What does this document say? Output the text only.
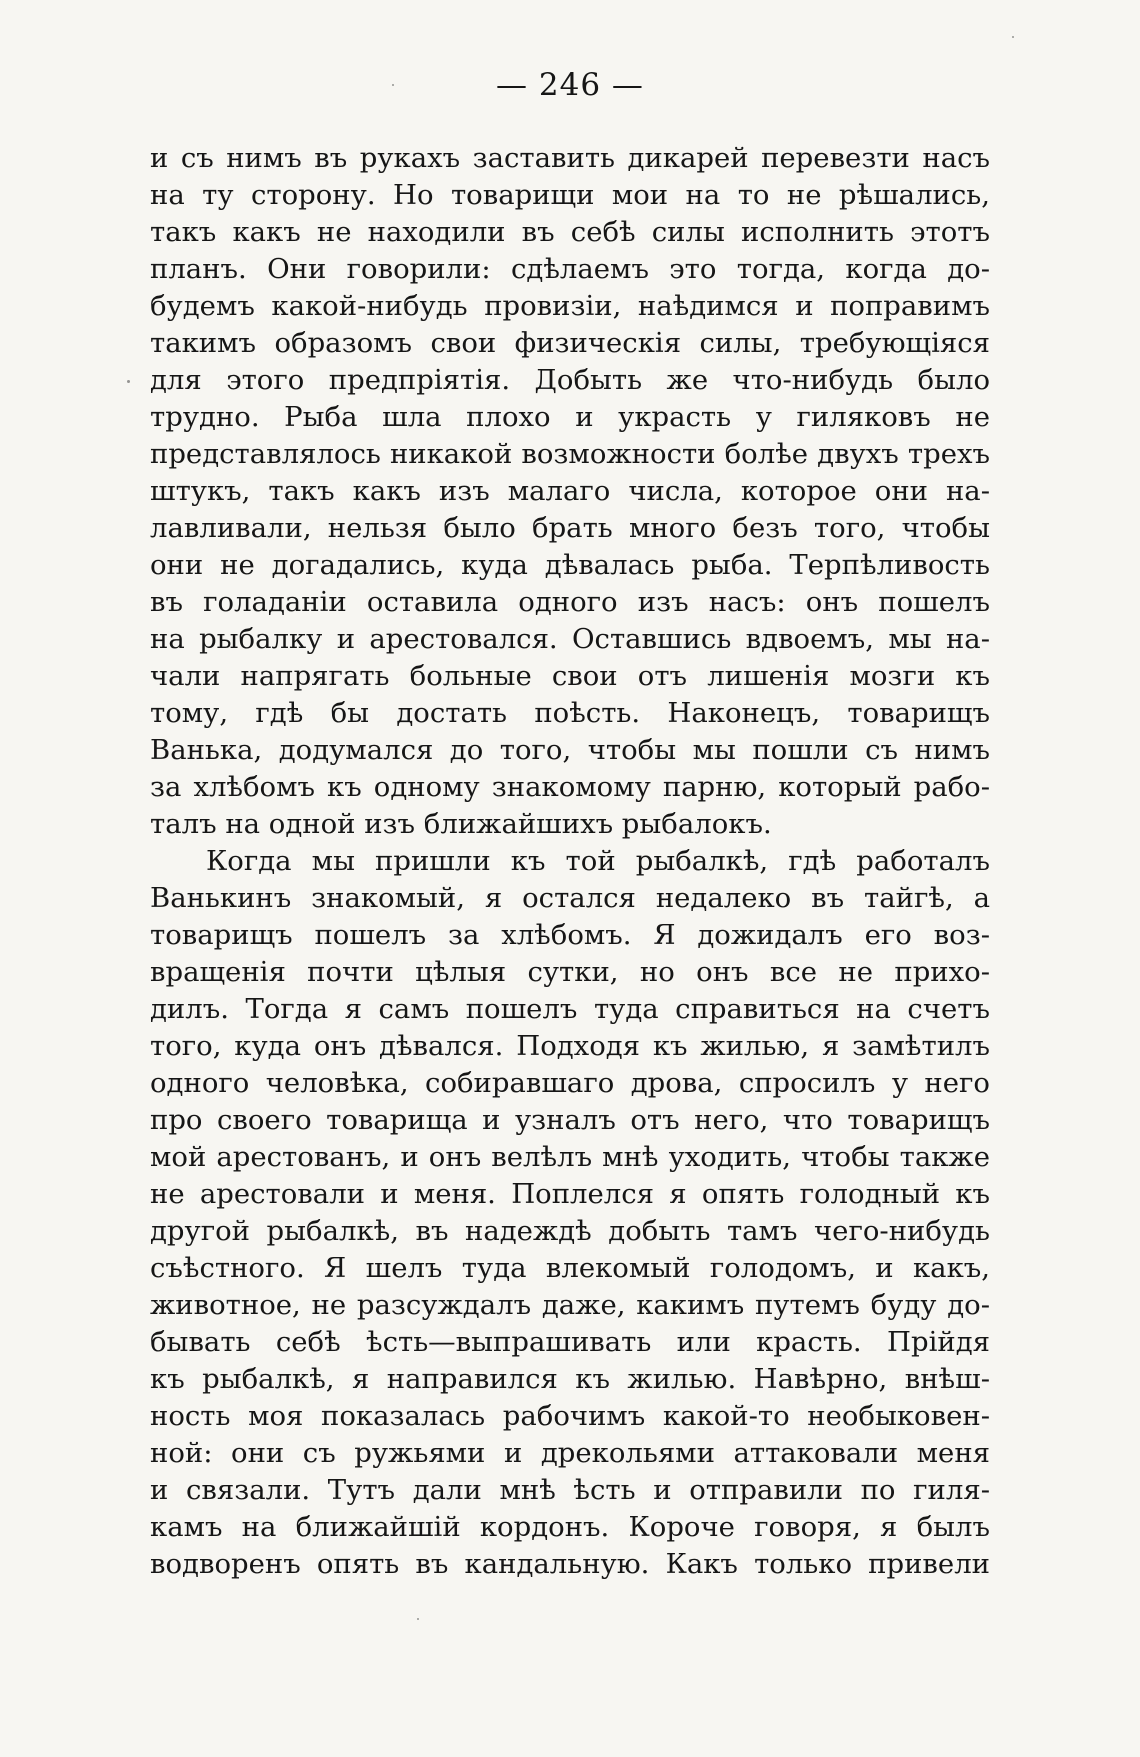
— 246 —
и съ нимъ въ рукахъ заставить дикарей перевезти насъ
на ту сторону. Но товарищи мои на то не рѣшались,
такъ какъ не находили въ себѣ силы исполнить этотъ
планъ. Они говорили: сдѣлаемъ это тогда, когда до-
будемъ какой-нибудь провизіи, наѣдимся и поправимъ
такимъ образомъ свои физическія силы, требующіяся
для этого предпріятія. Добыть же что-нибудь было
трудно. Рыба шла плохо и украсть у гиляковъ не
представлялось никакой возможности болѣе двухъ трехъ
штукъ, такъ какъ изъ малаго числа, которое они на-
лавливали, нельзя было брать много безъ того, чтобы
они не догадались, куда дѣвалась рыба. Терпѣливость
въ голаданіи оставила одного изъ насъ: онъ пошелъ
на рыбалку и арестовался. Оставшись вдвоемъ, мы на-
чали напрягать больные свои отъ лишенія мозги къ
тому, гдѣ бы достать поѣсть. Наконецъ, товарищъ
Ванька, додумался до того, чтобы мы пошли съ нимъ
за хлѣбомъ къ одному знакомому парню, который рабо-
талъ на одной изъ ближайшихъ рыбалокъ.
Когда мы пришли къ той рыбалкѣ, гдѣ работалъ
Ванькинъ знакомый, я остался недалеко въ тайгѣ, а
товарищъ пошелъ за хлѣбомъ. Я дожидалъ его воз-
вращенія почти цѣлыя сутки, но онъ все не прихо-
дилъ. Тогда я самъ пошелъ туда справиться на счетъ
того, куда онъ дѣвался. Подходя къ жилью, я замѣтилъ
одного человѣка, собиравшаго дрова, спросилъ у него
про своего товарища и узналъ отъ него, что товарищъ
мой арестованъ, и онъ велѣлъ мнѣ уходить, чтобы также
не арестовали и меня. Поплелся я опять голодный къ
другой рыбалкѣ, въ надеждѣ добыть тамъ чего-нибудь
съѣстного. Я шелъ туда влекомый голодомъ, и какъ,
животное, не разсуждалъ даже, какимъ путемъ буду до-
бывать себѣ ѣсть—выпрашивать или красть. Прійдя
къ рыбалкѣ, я направился къ жилью. Навѣрно, внѣш-
ность моя показалась рабочимъ какой-то необыковен-
ной: они съ ружьями и дрекольями аттаковали меня
и связали. Тутъ дали мнѣ ѣсть и отправили по гиля-
камъ на ближайшій кордонъ. Короче говоря, я былъ
водворенъ опять въ кандальную. Какъ только привели
